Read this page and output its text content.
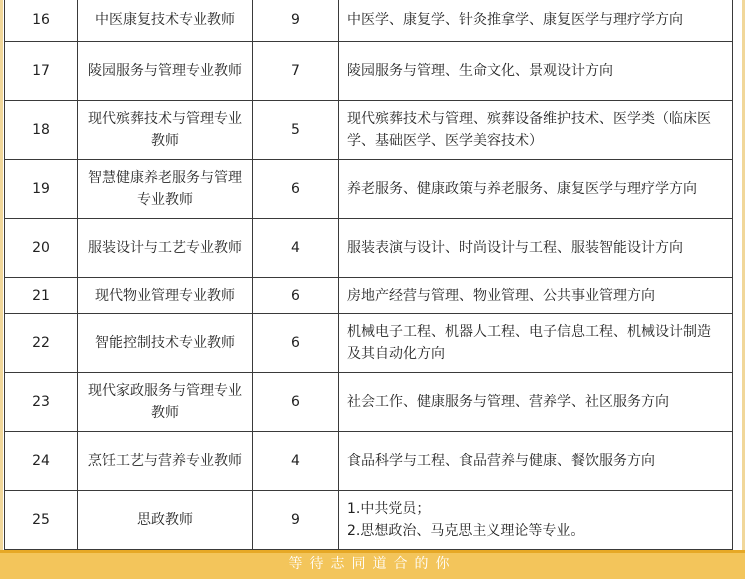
16	中医康复技术专业教师	9	中医学、康复学、针灸推拿学、康复医学与理疗学方向
17	陵园服务与管理专业教师	7	陵园服务与管理、生命文化、景观设计方向
18	现代殡葬技术与管理专业教师	5	现代殡葬技术与管理、殡葬设备维护技术、医学类（临床医学、基础医学、医学美容技术）
19	智慧健康养老服务与管理专业教师	6	养老服务、健康政策与养老服务、康复医学与理疗学方向
20	服装设计与工艺专业教师	4	服装表演与设计、时尚设计与工程、服装智能设计方向
21	现代物业管理专业教师	6	房地产经营与管理、物业管理、公共事业管理方向
22	智能控制技术专业教师	6	机械电子工程、机器人工程、电子信息工程、机械设计制造及其自动化方向
23	现代家政服务与管理专业教师	6	社会工作、健康服务与管理、营养学、社区服务方向
24	烹饪工艺与营养专业教师	4	食品科学与工程、食品营养与健康、餐饮服务方向
25	思政教师	9	1.中共党员；
2.思想政治、马克思主义理论等专业。
等待志同道合的你
